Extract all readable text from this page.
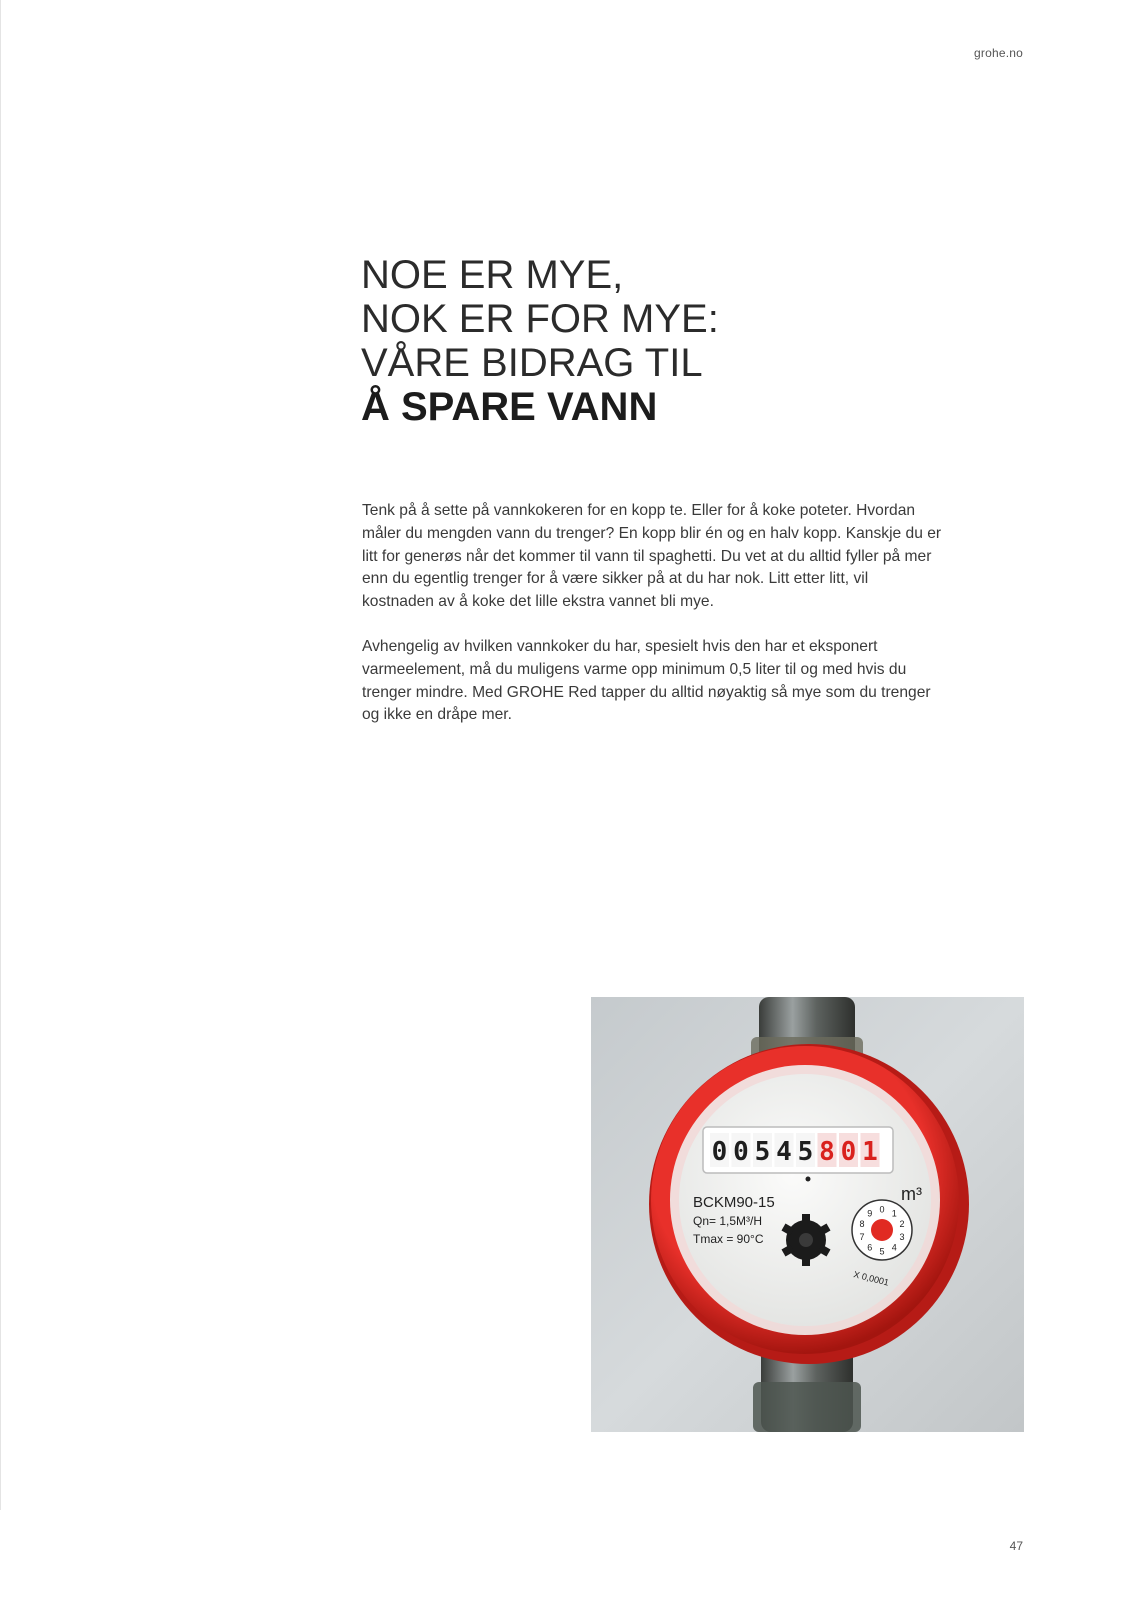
grohe.no
NOE ER MYE,
NOK ER FOR MYE:
VÅRE BIDRAG TIL
Å SPARE VANN

Tenk på å sette på vannkokeren for en kopp te. Eller for å koke poteter. Hvordan måler du mengden vann du trenger? En kopp blir én og en halv kopp. Kanskje du er litt for generøs når det kommer til vann til spaghetti. Du vet at du alltid fyller på mer enn du egentlig trenger for å være sikker på at du har nok. Litt etter litt, vil kostnaden av å koke det lille ekstra vannet bli mye.

Avhengelig av hvilken vannkoker du har, spesielt hvis den har et eksponert varmeelement, må du muligens varme opp minimum 0,5 liter til og med hvis du trenger mindre. Med GROHE Red tapper du alltid nøyaktig så mye som du trenger og ikke en dråpe mer.

0 0 5 4 5 8 0 1
BCKM90-15
Qn= 1,5M³/H
Tmax = 90°C
m³
0 1
2
3
4
5
6
7
8
9
X 0,0001
47
